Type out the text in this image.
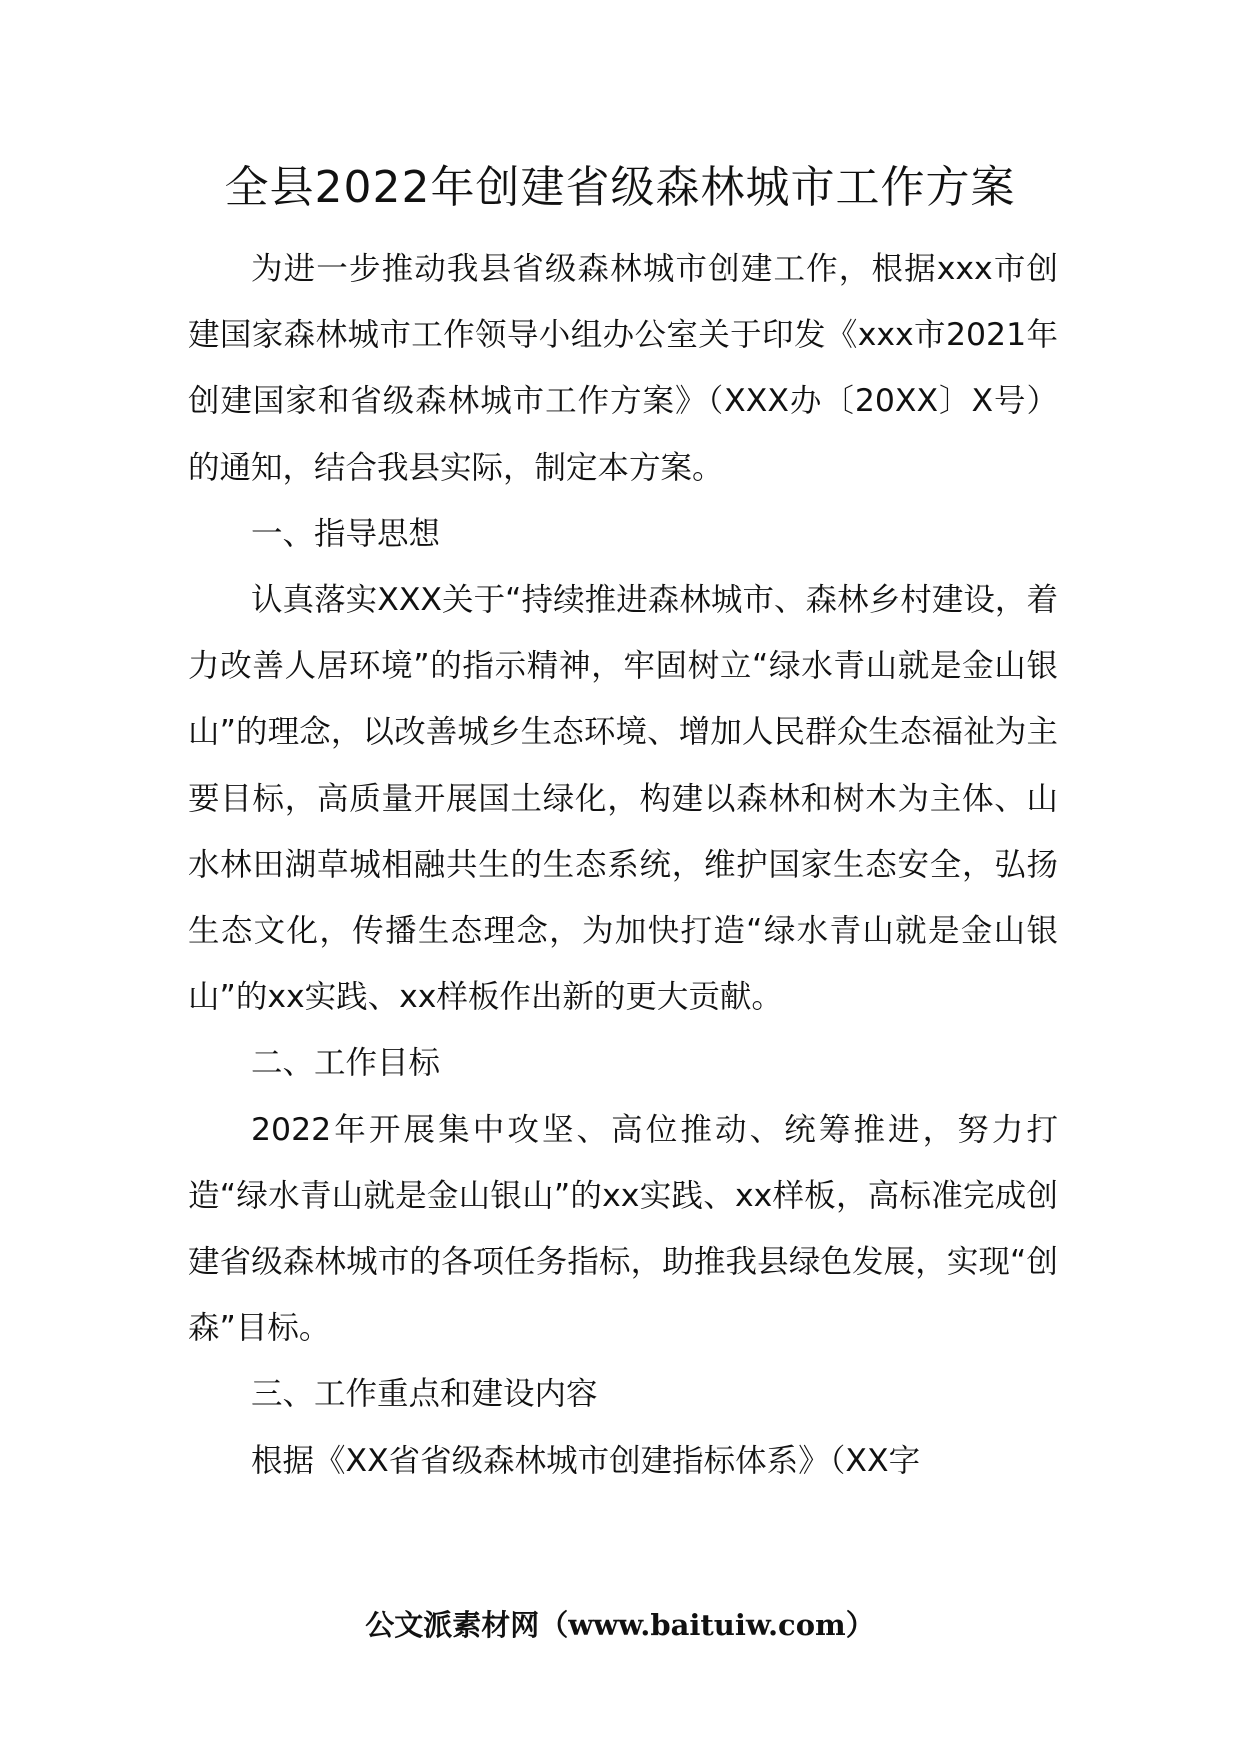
全县2022年创建省级森林城市工作方案

为进一步推动我县省级森林城市创建工作，根据xxx市创建国家森林城市工作领导小组办公室关于印发《xxx市2021年创建国家和省级森林城市工作方案》（XXX办〔20XX〕X号）的通知，结合我县实际，制定本方案。

一、指导思想

认真落实XXX关于“持续推进森林城市、森林乡村建设，着力改善人居环境”的指示精神，牢固树立“绿水青山就是金山银山”的理念，以改善城乡生态环境、增加人民群众生态福祉为主要目标，高质量开展国土绿化，构建以森林和树木为主体、山水林田湖草城相融共生的生态系统，维护国家生态安全，弘扬生态文化，传播生态理念，为加快打造“绿水青山就是金山银山”的xx实践、xx样板作出新的更大贡献。

二、工作目标

2022年开展集中攻坚、高位推动、统筹推进，努力打造“绿水青山就是金山银山”的xx实践、xx样板，高标准完成创建省级森林城市的各项任务指标，助推我县绿色发展，实现“创森”目标。

三、工作重点和建设内容

根据《XX省省级森林城市创建指标体系》（XX字

公文派素材网（www.baituiw.com）
